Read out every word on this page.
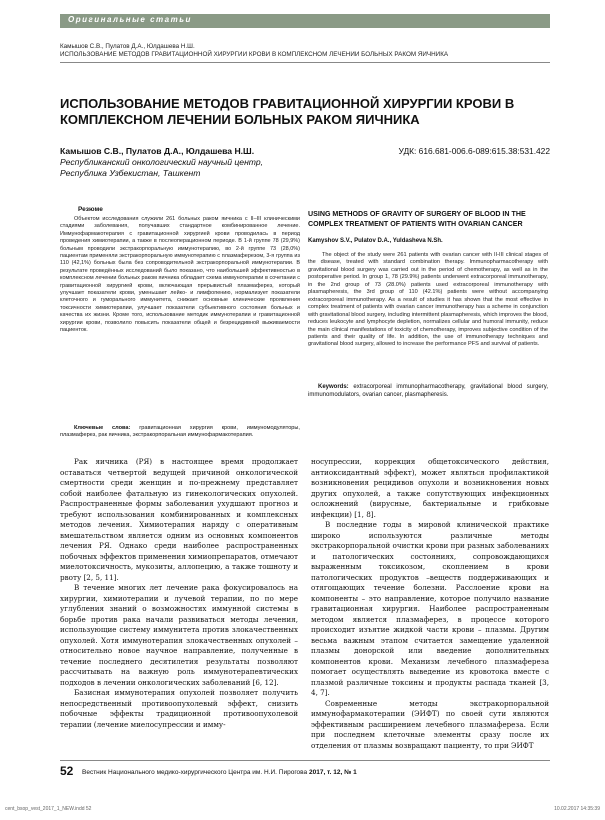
Оригинальные статьи
Камышов С.В., Пулатов Д.А., Юлдашева Н.Ш.
ИСПОЛЬЗОВАНИЕ МЕТОДОВ ГРАВИТАЦИОННОЙ ХИРУРГИИ КРОВИ В КОМПЛЕКСНОМ ЛЕЧЕНИИ БОЛЬНЫХ РАКОМ ЯИЧНИКА
ИСПОЛЬЗОВАНИЕ МЕТОДОВ ГРАВИТАЦИОННОЙ ХИРУРГИИ КРОВИ В КОМПЛЕКСНОМ ЛЕЧЕНИИ БОЛЬНЫХ РАКОМ ЯИЧНИКА
Камышов С.В., Пулатов Д.А., Юлдашева Н.Ш.	УДК: 616.681-006.6-089:615.38:531.422
Республиканский онкологический научный центр,
Республика Узбекистан, Ташкент
Резюме
Объектом исследования служили 261 больных раком яичника с II–III клиническими стадиями заболевания, получавших стандартное комбинированное лечение. Иммунофармакотерапия с гравитационной хирургией крови проводилась в период проведения химиотерапии, а также в послеоперационном периоде. В 1-й группе 78 (29,9%) больным проводили экстракорпоральную иммунотерапию, во 2-й группе 73 (28,0%) пациентам применяли экстракорпоральную иммунотерапию с плазмаферезом, 3-я группа из 110 (42,1%) больных была без сопроводительной экстракорпоральной иммунотерапии. В результате проведённых исследований было показано, что наибольшей эффективностью в комплексном лечении больных раком яичника обладает схема иммунотерапии в сочетании с гравитационной хирургией крови, включающая прерывистый плазмаферез, который улучшает показатели крови, уменьшает лейко- и лимфопению, нормализует показатели клеточного и гуморального иммунитета, снижает основные клинические проявления токсичности химиотерапии, улучшает показатели субъективного состояния больных и качества их жизни. Кроме того, использование методик иммунотерапии и гравитационной хирургии крови, позволило повысить показатели общей и безрецидивной выживаемости пациенток.
Ключевые слова: гравитационная хирургия крови, иммуномодуляторы, плазмаферез, рак яичника, экстракорпоральная иммунофармакотерапия.
USING METHODS OF GRAVITY OF SURGERY OF BLOOD IN THE COMPLEX TREATMENT OF PATIENTS WITH OVARIAN CANCER
Kamyshov S.V., Pulatov D.A., Yuldasheva N.Sh.
The object of the study were 261 patients with ovarian cancer with II-III clinical stages of the disease, treated with standard combination therapy. Immunopharmacotherapy with gravitational blood surgery was carried out in the period of chemotherapy, as well as in the postoperative period. In group 1, 78 (29.9%) patients underwent extracorporeal immunotherapy, in the 2nd group of 73 (28.0%) patients used extracorporeal immunotherapy with plasmapheresis, the 3rd group of 110 (42.1%) patients were without accompanying extracorporeal immunotherapy. As a result of studies it has shown that the most effective in complex treatment of patients with ovarian cancer immunotherapy has a scheme in conjunction with gravitational blood surgery, including intermittent plasmapheresis, which improves the blood, reduces leukocyte and lymphocyte depletion, normalizes cellular and humoral immunity, reduce the main clinical manifestations of toxicity of chemotherapy, improves subjective condition of the patients and their quality of life. In addition, the use of immunotherapy techniques and gravitational blood surgery, allowed to increase the performance PFS and survival of patients.
Keywords: extracorporeal immunopharmacotherapy, gravitational blood surgery, immunomodulators, ovarian cancer, plasmapheresis.

Рак яичника (РЯ) в настоящее время продолжает оставаться четвертой ведущей причиной онкологической смертности среди женщин и по-прежнему представляет собой наиболее фатальную из гинекологических опухолей. Распространенные формы заболевания ухудшают прогноз и требуют использования комбинированных и комплексных методов лечения. Химиотерапия наряду с оперативным вмешательством является одним из основных компонентов лечения РЯ. Однако среди наиболее распространенных побочных эффектов применения химиопрепаратов, отмечают миелотоксичность, мукозиты, аллопецию, а также тошноту и рвоту [2, 5, 11].

В течение многих лет лечение рака фокусировалось на хирургии, химиотерапии и лучевой терапии, по по мере углубления знаний о возможностях иммунной системы в борьбе против рака начали развиваться методы лечения, использующие систему иммунитета против злокачественных опухолей. Хотя иммунотерапия злокачественных опухолей – относительно новое научное направление, полученные в течение последнего десятилетия результаты позволяют рассчитывать на важную роль иммунотерапевтических подходов в лечении онкологических заболеваний [6, 12].

Базисная иммунотерапия опухолей позволяет получить непосредственный противоопухолевый эффект, снизить побочные эффекты традиционной противоопухолевой терапии (лечение миелосупрессии и имму-

носупрессии, коррекция общетоксического действия, антиоксидантный эффект), может являться профилактикой возникновения рецидивов опухоли и возникновения новых других опухолей, а также сопутствующих инфекционных осложнений (вирусные, бактериальные и грибковые инфекции) [1, 8].

В последние годы в мировой клинической практике широко используются различные методы экстракорпоральной очистки крови при разных заболеваниях и патологических состояниях, сопровождающихся выраженным токсикозом, скоплением в крови патологических продуктов –веществ поддерживающих и отягощающих течение болезни. Расслоение крови на компоненты – это направление, которое получило название гравитационная хирургия. Наиболее распространенным методом является плазмаферез, в процессе которого происходит изъятие жидкой части крови – плазмы. Другим весьма важным этапом считается замещение удаленной плазмы донорской или введение дополнительных компонентов крови. Механизм лечебного плазмафереза помогает осуществлять выведение из кровотока вместе с плазмой различные токсины и продукты распада тканей [3, 4, 7].

Современные методы экстракорпоральной иммунофармакотерапии (ЭИФТ) по своей сути являются эффективным расширением лечебного плазмафереза. Если при последнем клеточные элементы сразу после их отделения от плазмы возвращают пациенту, то при ЭИФТ

52 Вестник Национального медико-хирургического Центра им. Н.И. Пирогова 2017, т. 12, № 1
cent_bsop_vest_2017_1_NEW.indd 52	10.02.2017 14:35:39
